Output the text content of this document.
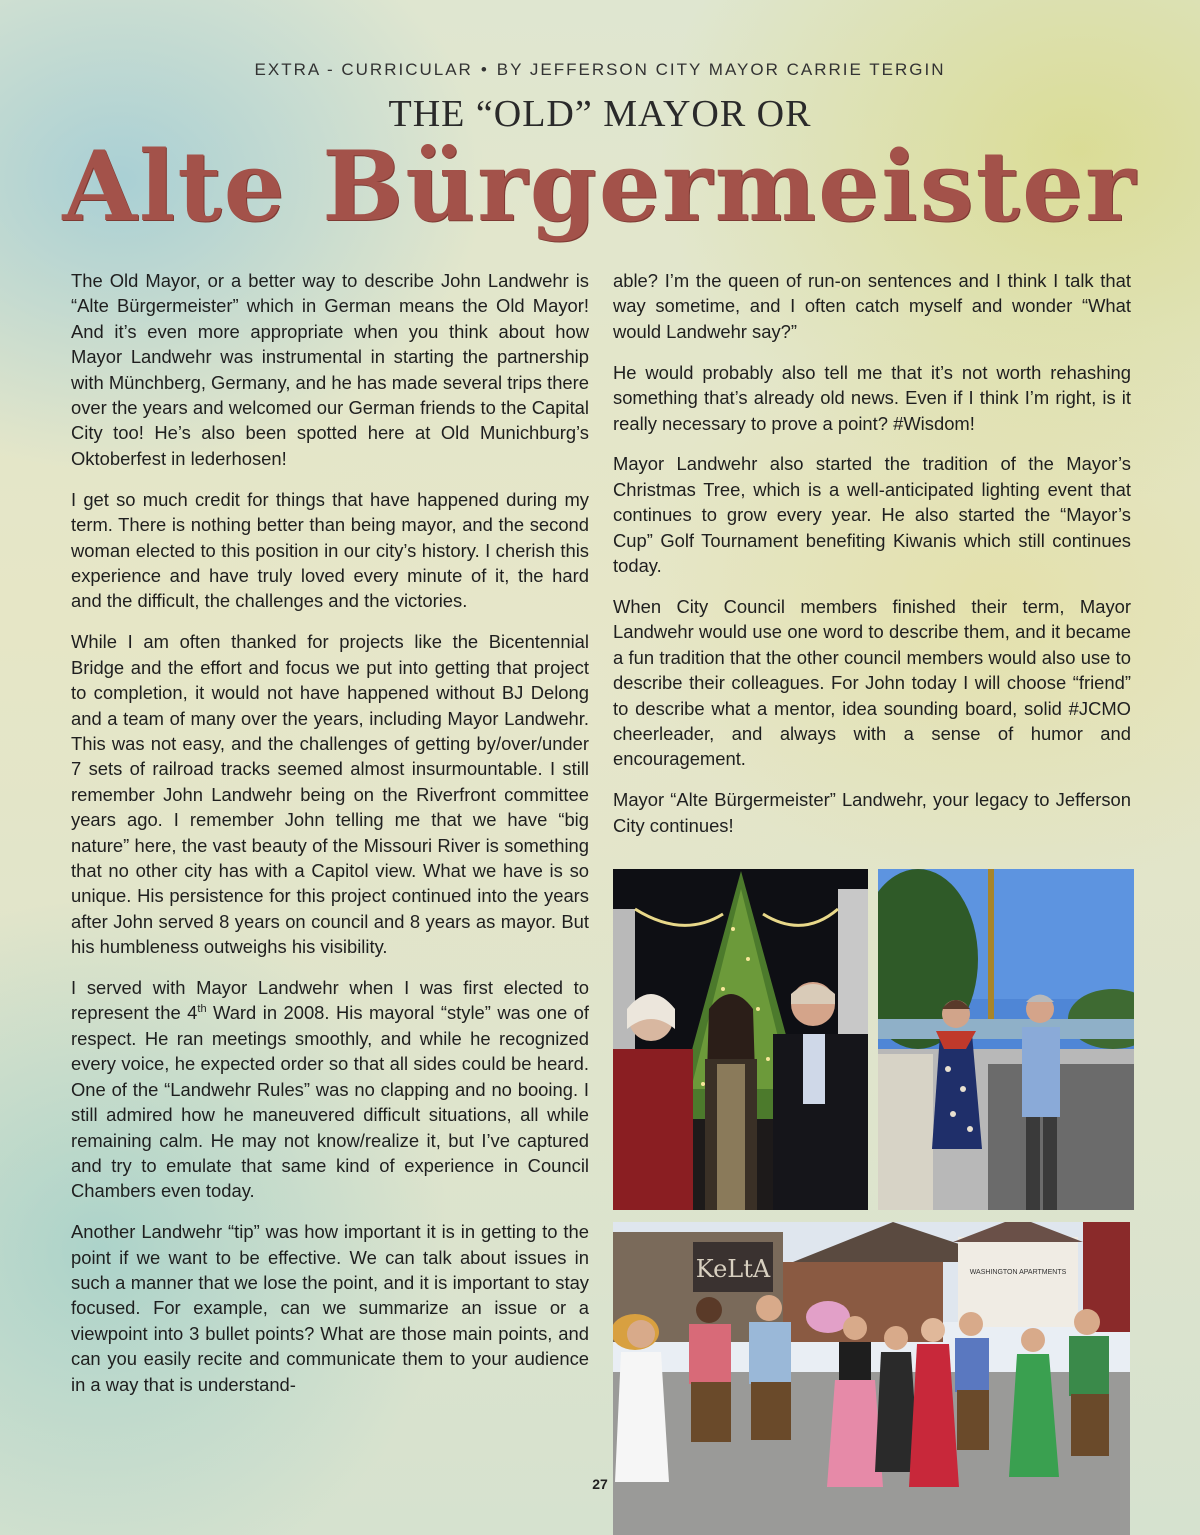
EXTRA - CURRICULAR • BY JEFFERSON CITY MAYOR CARRIE TERGIN
THE “OLD” MAYOR OR
Alte Bürgermeister

The Old Mayor, or a better way to describe John Landwehr is “Alte Bürgermeister” which in German means the Old Mayor! And it’s even more appropriate when you think about how Mayor Landwehr was instrumental in starting the partnership with Münchberg, Germany, and he has made several trips there over the years and welcomed our German friends to the Capital City too! He’s also been spotted here at Old Munichburg’s Oktoberfest in lederhosen!

I get so much credit for things that have happened during my term. There is nothing better than being mayor, and the second woman elected to this position in our city’s history. I cherish this experience and have truly loved every minute of it, the hard and the difficult, the challenges and the victories.

While I am often thanked for projects like the Bicentennial Bridge and the effort and focus we put into getting that project to completion, it would not have happened without BJ Delong and a team of many over the years, including Mayor Landwehr. This was not easy, and the challenges of getting by/over/under 7 sets of railroad tracks seemed almost insurmountable. I still remember John Landwehr being on the Riverfront committee years ago. I remember John telling me that we have “big nature” here, the vast beauty of the Missouri River is something that no other city has with a Capitol view. What we have is so unique. His persistence for this project continued into the years after John served 8 years on council and 8 years as mayor. But his humbleness outweighs his visibility.

I served with Mayor Landwehr when I was first elected to represent the 4th Ward in 2008. His mayoral “style” was one of respect. He ran meetings smoothly, and while he recognized every voice, he expected order so that all sides could be heard. One of the “Landwehr Rules” was no clapping and no booing. I still admired how he maneuvered difficult situations, all while remaining calm. He may not know/realize it, but I’ve captured and try to emulate that same kind of experience in Council Chambers even today.

Another Landwehr “tip” was how important it is in getting to the point if we want to be effective. We can talk about issues in such a manner that we lose the point, and it is important to stay focused. For example, can we summarize an issue or a viewpoint into 3 bullet points? What are those main points, and can you easily recite and communicate them to your audience in a way that is understand-

able? I’m the queen of run-on sentences and I think I talk that way sometime, and I often catch myself and wonder “What would Landwehr say?”

He would probably also tell me that it’s not worth rehashing something that’s already old news. Even if I think I’m right, is it really necessary to prove a point? #Wisdom!

Mayor Landwehr also started the tradition of the Mayor’s Christmas Tree, which is a well-anticipated lighting event that continues to grow every year. He also started the “Mayor’s Cup” Golf Tournament benefiting Kiwanis which still continues today.

When City Council members finished their term, Mayor Landwehr would use one word to describe them, and it became a fun tradition that the other council members would also use to describe their colleagues. For John today I will choose “friend” to describe what a mentor, idea sounding board, solid #JCMO cheerleader, and always with a sense of humor and encouragement.

Mayor “Alte Bürgermeister” Landwehr, your legacy to Jefferson City continues!

WASHINGTON APARTMENTS
KeLtA
27
